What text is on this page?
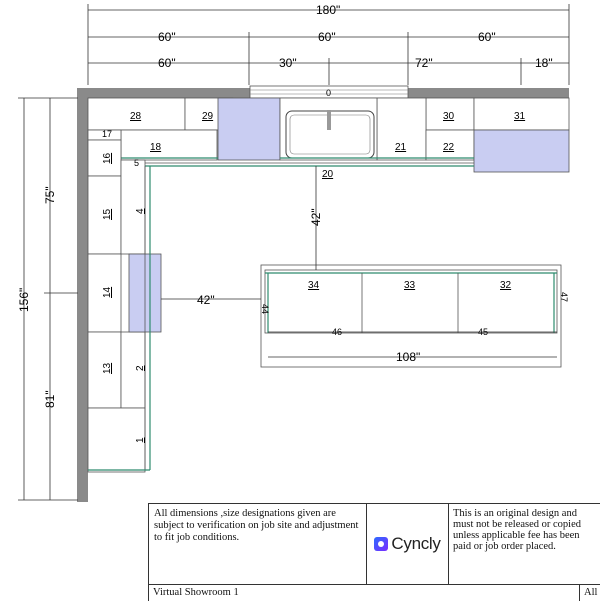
0
180"
60"	60"	60"
60"	30"	72"	18"
156"
75"
81"
42"
42"
108"
28	29	30	31
18	21	22
20
17
16
15
14
13
5
4
2
1
34	33	32
44
47
46	45
All dimensions ,size designations given are subject to verification on job site and adjustment to fit job conditions.	Cyncly
This is an original design and must not be released or copied unless applicable fee has been paid or job order placed.
Virtual Showroom 1	All
